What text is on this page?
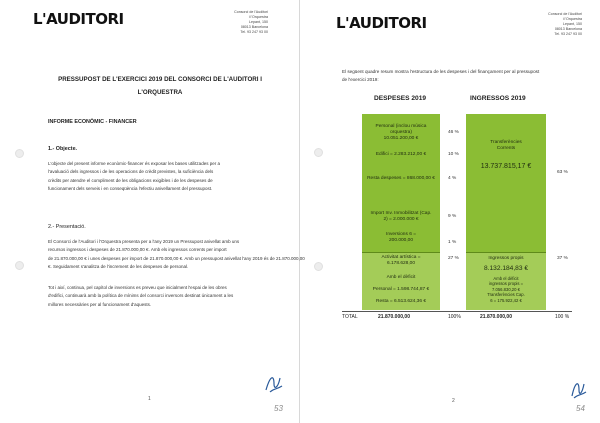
L'AUDITORI	Consorci de l'Auditori
i l'Orquestra
Lepant, 150
08013 Barcelona
Tel. 93 247 93 00
PRESSUPOST DE L'EXERCICI 2019 DEL CONSORCI DE L'AUDITORI I
L'ORQUESTRA
INFORME ECONÒMIC - FINANCER
1.- Objecte.
L'objecte del present informe econòmic-financer és exposar les bases utilitzades per a
l'avaluació dels ingressos i de les operacions de crèdit previstes, la suficiència dels
crèdits per atendre el compliment de les obligacions exigibles i de les despeses de
funcionament dels serveis i en conseqüència l'efectiu anivellament del pressupost.
2.- Presentació.
El Consorci de l'Auditori i l'Orquestra presenta per a l'any 2019 un Pressupost anivellat amb uns
recursos ingressos i despeses de 21.870.000,00 €. Amb els ingressos corrents per import
de 21.870.000,00 € i unes despeses per import de 21.870.000,00 €. Amb un pressupost anivellat l'any 2019 és de 21.870.000,00
€. Seguidament s'analitza de l'increment de les despeses de personal.
Tot i així, continua, pel capítol de inversions es preveu que inicialment l'espai de les obres
d'edifici, continuarà amb la política de mínims del consorci inversors destinat únicament a les
millores necessàries per al funcionament d'aquests.
1
53
L'AUDITORI	Consorci de l'Auditori
i l'Orquestra
Lepant, 150
08013 Barcelona
Tel. 93 247 93 00
El següent quadre resum mostra l'estructura de les despeses i del finançament per al pressupost
de l'exercici 2019:
DESPESES 2019	INGRESSOS 2019
Personal (inclou música
orquestra)
10.051.200,00 €
46 %
Edifici = 2.283.212,00 €	10 %
Resta despeses = 868.000,00 €	4 %
Import Inv. Inmobilitzat (Cap.
2) = 2.000.000 €
9 %
Inversions 6 =
200.000,00	1 %
Activitat artística =
6.178.628,00
27 %
Amb el dèficit
Personal = 1.598.744,87 €
Resta = 6.513.624,36 €
Transferències
Corrents
13.737.815,17 €
63 %
Ingressos propis	37 %
8.132.184,83 €
Amb el dèficit
ingressos propis =
7.056.830,20 €
Transferències Cap.
6 = 175.922,42 €
TOTAL	21.870.000,00	100%	21.870.000,00	100 %
2
54
